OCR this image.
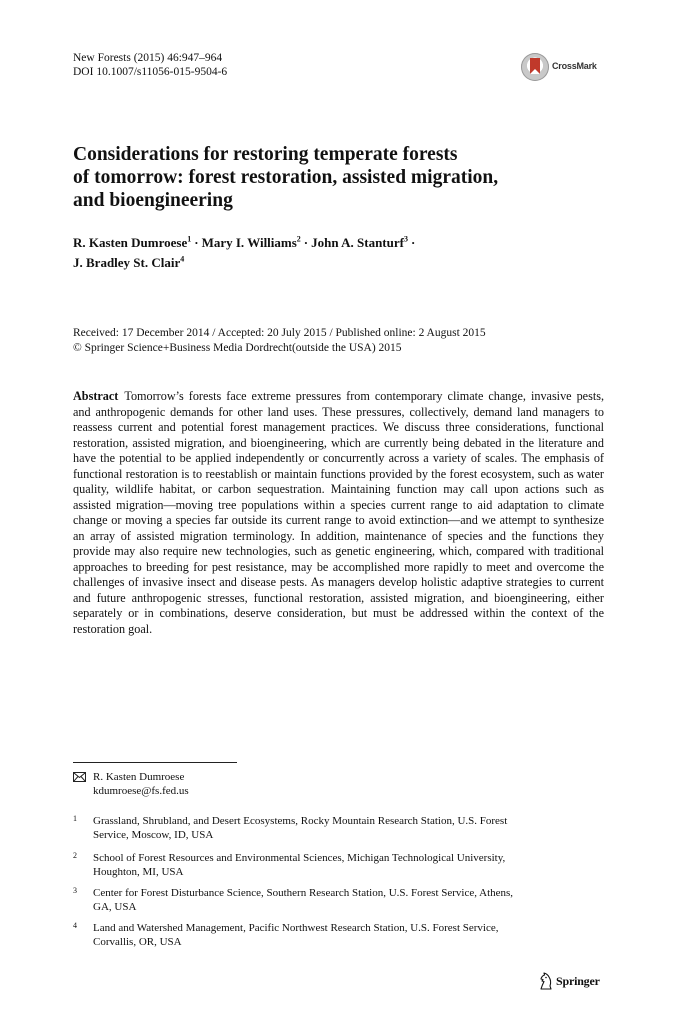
New Forests (2015) 46:947–964
DOI 10.1007/s11056-015-9504-6	CrossMark
Considerations for restoring temperate forests
of tomorrow: forest restoration, assisted migration,
and bioengineering
R. Kasten Dumroese$^1$ · Mary I. Williams$^2$ · John A. Stanturf$^3$ ·
J. Bradley St. Clair$^4$
Received: 17 December 2014 / Accepted: 20 July 2015 / Published online: 2 August 2015
© Springer Science+Business Media Dordrecht(outside the USA) 2015

Abstract Tomorrow’s forests face extreme pressures from contemporary climate change, invasive pests, and anthropogenic demands for other land uses. These pressures, collectively, demand land managers to reassess current and potential forest management practices. We discuss three considerations, functional restoration, assisted migration, and bioengineering, which are currently being debated in the literature and have the potential to be applied independently or concurrently across a variety of scales. The emphasis of functional restoration is to reestablish or maintain functions provided by the forest ecosystem, such as water quality, wildlife habitat, or carbon sequestration. Maintaining function may call upon actions such as assisted migration—moving tree populations within a species current range to aid adaptation to climate change or moving a species far outside its current range to avoid extinction—and we attempt to synthesize an array of assisted migration terminology. In addition, maintenance of species and the functions they provide may also require new technologies, such as genetic engineering, which, compared with traditional approaches to breeding for pest resistance, may be accomplished more rapidly to meet and overcome the challenges of invasive insect and disease pests. As managers develop holistic adaptive strategies to current and future anthropogenic stresses, functional restoration, assisted migration, and bioengineering, either separately or in combinations, deserve consideration, but must be addressed within the context of the restoration goal.

R. Kasten Dumroese
kdumroese@fs.fed.us
1 Grassland, Shrubland, and Desert Ecosystems, Rocky Mountain Research Station, U.S. Forest
Service, Moscow, ID, USA
2 School of Forest Resources and Environmental Sciences, Michigan Technological University,
Houghton, MI, USA
3 Center for Forest Disturbance Science, Southern Research Station, U.S. Forest Service, Athens,
GA, USA
4 Land and Watershed Management, Pacific Northwest Research Station, U.S. Forest Service,
Corvallis, OR, USA
Springer
